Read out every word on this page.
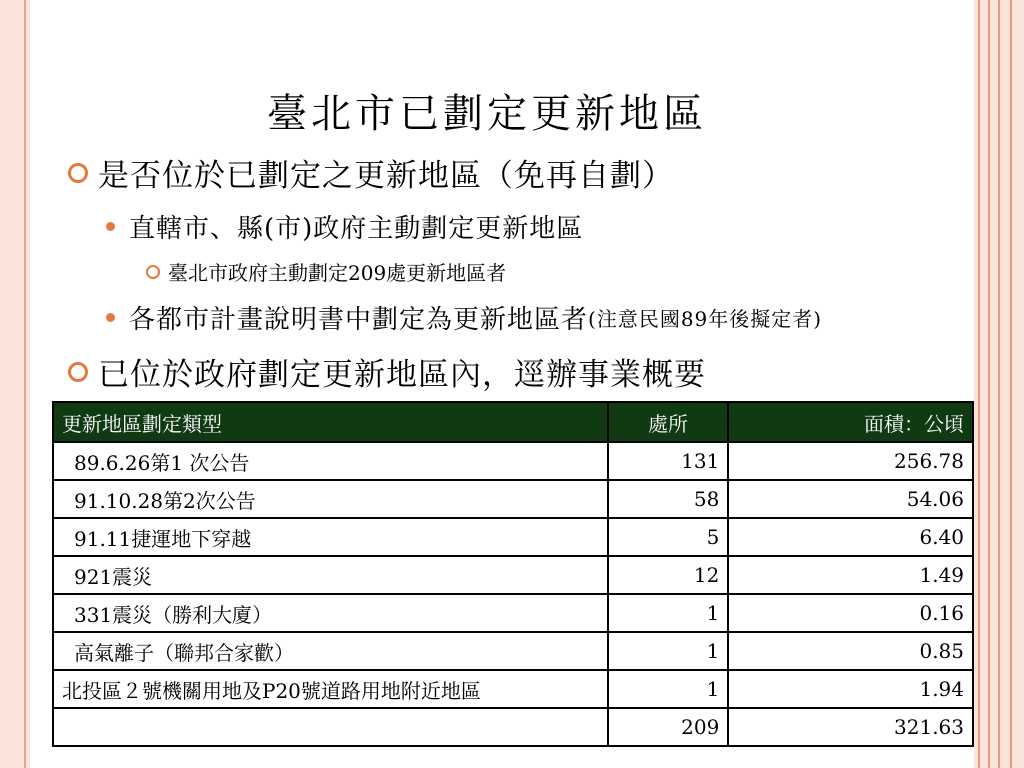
臺北市已劃定更新地區
是否位於已劃定之更新地區（免再自劃）
直轄市、縣(市)政府主動劃定更新地區
臺北市政府主動劃定209處更新地區者
各都市計畫說明書中劃定為更新地區者 (注意民國89年後擬定者)
已位於政府劃定更新地區內，逕辦事業概要
更新地區劃定類型	處所	面積：公頃
89.6.26第1 次公告	131	256.78
91.10.28第2次公告	58	54.06
91.11捷運地下穿越	5	6.40
921震災	12	1.49
331震災（勝利大廈）	1	0.16
高氣離子（聯邦合家歡）	1	0.85
北投區２號機關用地及P20號道路用地附近地區	1	1.94
	209	321.63
